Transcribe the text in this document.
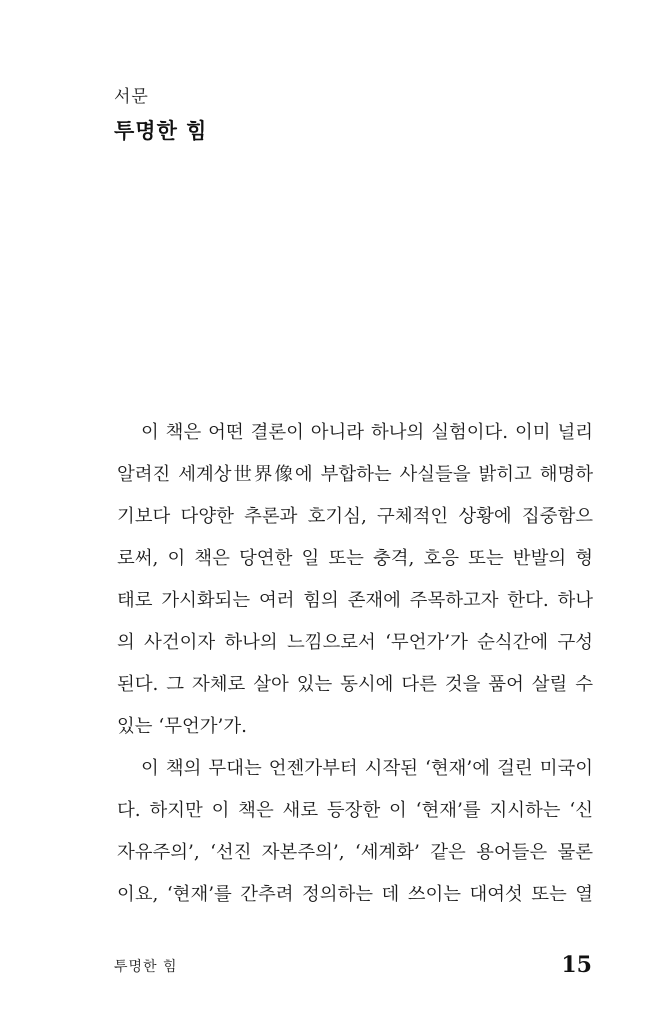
서문
투명한 힘
이 책은 어떤 결론이 아니라 하나의 실험이다. 이미 널리
알려진 세계상世界像에 부합하는 사실들을 밝히고 해명하
기보다 다양한 추론과 호기심, 구체적인 상황에 집중함으
로써, 이 책은 당연한 일 또는 충격, 호응 또는 반발의 형
태로 가시화되는 여러 힘의 존재에 주목하고자 한다. 하나
의 사건이자 하나의 느낌으로서 ‘무언가’가 순식간에 구성
된다. 그 자체로 살아 있는 동시에 다른 것을 품어 살릴 수
있는 ‘무언가’가.
이 책의 무대는 언젠가부터 시작된 ‘현재’에 걸린 미국이
다. 하지만 이 책은 새로 등장한 이 ‘현재’를 지시하는 ‘신
자유주의’, ‘선진 자본주의’, ‘세계화’ 같은 용어들은 물론
이요, ‘현재’를 간추려 정의하는 데 쓰이는 대여섯 또는 열
투명한 힘	15
